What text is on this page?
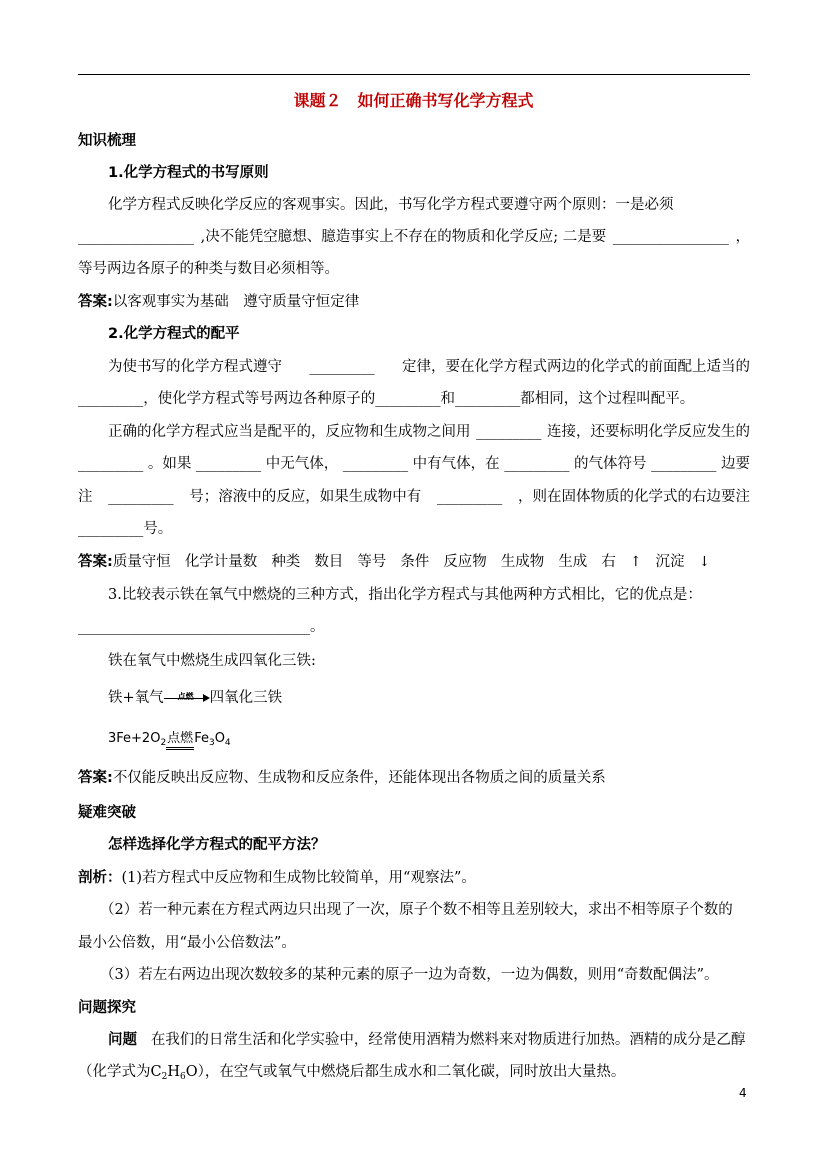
课题２　如何正确书写化学方程式
知识梳理
1.化学方程式的书写原则
化学方程式反映化学反应的客观事实。因此，书写化学方程式要遵守两个原则：一是必须
________________ ,决不能凭空臆想、臆造事实上不存在的物质和化学反应; 二是要 ________________ ，
等号两边各原子的种类与数目必须相等。
答案:以客观事实为基础　遵守质量守恒定律
2.化学方程式的配平
为使书写的化学方程式遵守 _________ 定律，要在化学方程式两边的化学式的前面配上适当的
_________，使化学方程式等号两边各种原子的_________和_________都相同，这个过程叫配平。
正确的化学方程式应当是配平的，反应物和生成物之间用 _________ 连接，还要标明化学反应发生的
_________ 。如果 _________ 中无气体， _________ 中有气体，在 _________ 的气体符号 _________ 边要
注 _________ 号；溶液中的反应，如果生成物中有 _________ ，则在固体物质的化学式的右边要注
_________号。
答案:质量守恒 化学计量数 种类 数目 等号 条件 反应物 生成物 生成 右 ↑ 沉淀 ↓
3.比较表示铁在氧气中燃烧的三种方式，指出化学方程式与其他两种方式相比，它的优点是：
________________________________。
铁在氧气中燃烧生成四氧化三铁:
铁+氧气 点燃 四氧化三铁
$3Fe+2O_2$点燃$Fe_3O_4$
答案:不仅能反映出反应物、生成物和反应条件，还能体现出各物质之间的质量关系
疑难突破
怎样选择化学方程式的配平方法？
剖析：(1)若方程式中反应物和生成物比较简单，用“观察法”。
（2）若一种元素在方程式两边只出现了一次，原子个数不相等且差别较大，求出不相等原子个数的
最小公倍数，用“最小公倍数法”。
（3）若左右两边出现次数较多的某种元素的原子一边为奇数，一边为偶数，则用“奇数配偶法”。
问题探究
问题 在我们的日常生活和化学实验中，经常使用酒精为燃料来对物质进行加热。酒精的成分是乙醇
（化学式为$C_2H_6O$），在空气或氧气中燃烧后都生成水和二氧化碳，同时放出大量热。
4
